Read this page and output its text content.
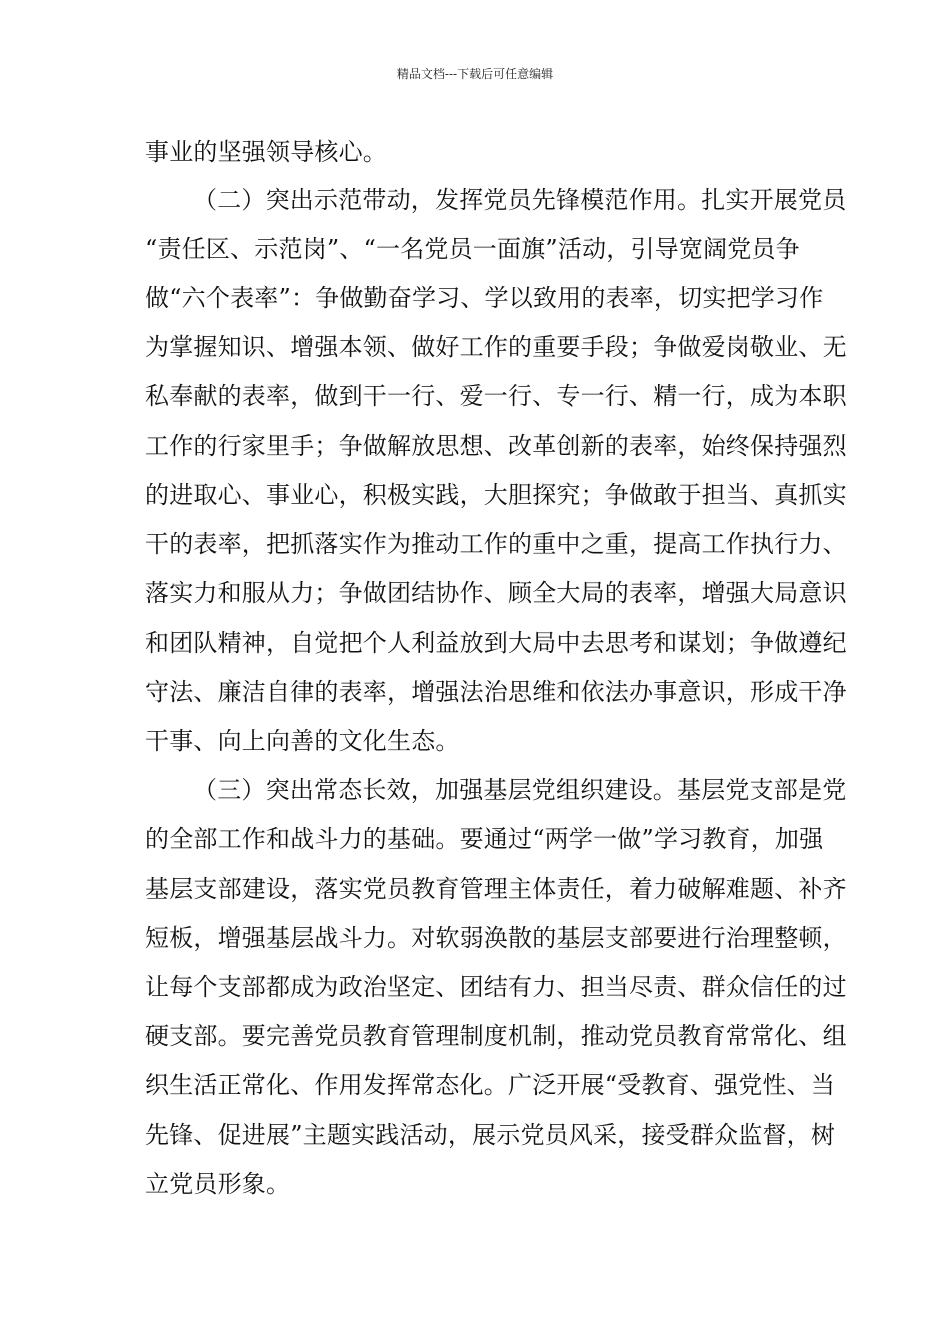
精品文档---下载后可任意编辑
事业的坚强领导核心。
（二）突出示范带动，发挥党员先锋模范作用。扎实开展党员
“责任区、示范岗”、“一名党员一面旗”活动，引导宽阔党员争
做“六个表率”：争做勤奋学习、学以致用的表率，切实把学习作
为掌握知识、增强本领、做好工作的重要手段；争做爱岗敬业、无
私奉献的表率，做到干一行、爱一行、专一行、精一行，成为本职
工作的行家里手；争做解放思想、改革创新的表率，始终保持强烈
的进取心、事业心，积极实践，大胆探究；争做敢于担当、真抓实
干的表率，把抓落实作为推动工作的重中之重，提高工作执行力、
落实力和服从力；争做团结协作、顾全大局的表率，增强大局意识
和团队精神，自觉把个人利益放到大局中去思考和谋划；争做遵纪
守法、廉洁自律的表率，增强法治思维和依法办事意识，形成干净
干事、向上向善的文化生态。
（三）突出常态长效，加强基层党组织建设。基层党支部是党
的全部工作和战斗力的基础。要通过“两学一做”学习教育，加强
基层支部建设，落实党员教育管理主体责任，着力破解难题、补齐
短板，增强基层战斗力。对软弱涣散的基层支部要进行治理整顿，
让每个支部都成为政治坚定、团结有力、担当尽责、群众信任的过
硬支部。要完善党员教育管理制度机制，推动党员教育常常化、组
织生活正常化、作用发挥常态化。广泛开展“受教育、强党性、当
先锋、促进展”主题实践活动，展示党员风采，接受群众监督，树
立党员形象。
